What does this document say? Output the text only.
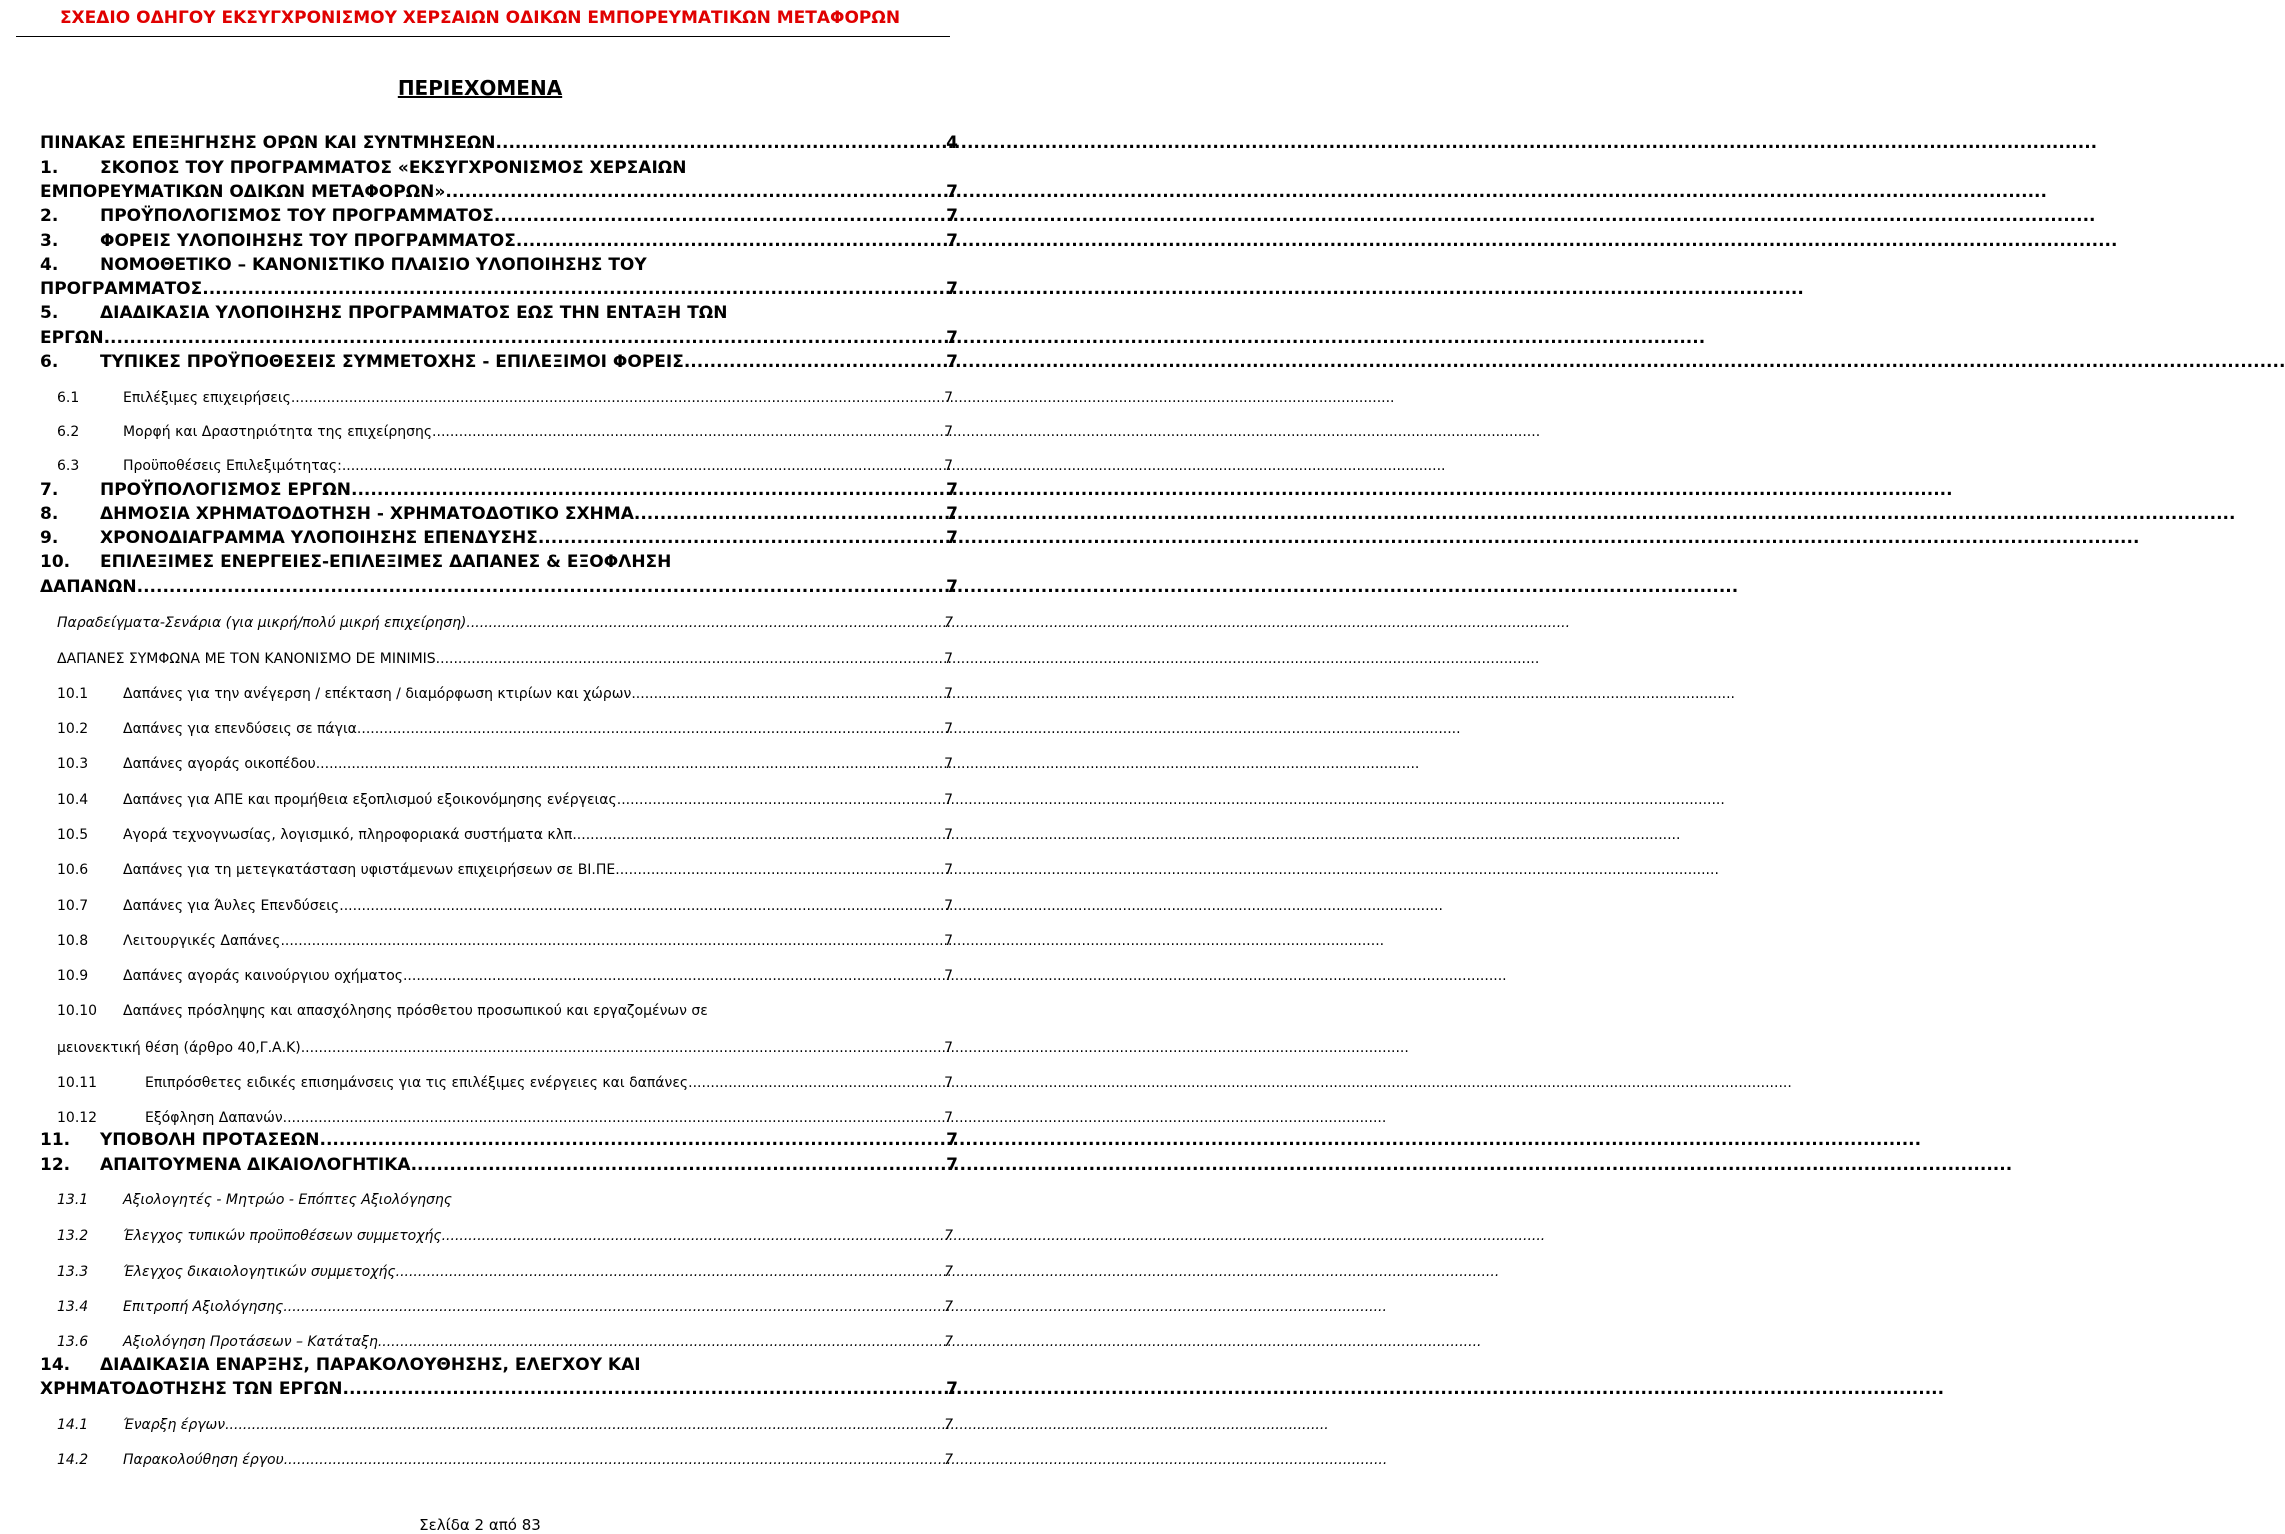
ΣΧΕΔΙΟ ΟΔΗΓΟΥ ΕΚΣΥΓΧΡΟΝΙΣΜΟΥ ΧΕΡΣΑΙΩΝ ΟΔΙΚΩΝ ΕΜΠΟΡΕΥΜΑΤΙΚΩΝ ΜΕΤΑΦΟΡΩΝ
ΠΕΡΙΕΧΟΜΕΝΑ
ΠΙΝΑΚΑΣ ΕΠΕΞΗΓΗΣΗΣ ΟΡΩΝ ΚΑΙ ΣΥΝΤΜΗΣΕΩΝ .....	4
1.	ΣΚΟΠΟΣ ΤΟΥ ΠΡΟΓΡΑΜΜΑΤΟΣ «ΕΚΣΥΓΧΡΟΝΙΣΜΟΣ ΧΕΡΣΑΙΩΝ
ΕΜΠΟΡΕΥΜΑΤΙΚΩΝ ΟΔΙΚΩΝ ΜΕΤΑΦΟΡΩΝ» .....	7
2.	ΠΡΟΫΠΟΛΟΓΙΣΜΟΣ ΤΟΥ ΠΡΟΓΡΑΜΜΑΤΟΣ .....	7
3.	ΦΟΡΕΙΣ ΥΛΟΠΟΙΗΣΗΣ ΤΟΥ ΠΡΟΓΡΑΜΜΑΤΟΣ .....	7
4.	ΝΟΜΟΘΕΤΙΚΟ – ΚΑΝΟΝΙΣΤΙΚΟ ΠΛΑΙΣΙΟ ΥΛΟΠΟΙΗΣΗΣ ΤΟΥ
ΠΡΟΓΡΑΜΜΑΤΟΣ .....	7
5.	ΔΙΑΔΙΚΑΣΙΑ ΥΛΟΠΟΙΗΣΗΣ ΠΡΟΓΡΑΜΜΑΤΟΣ ΕΩΣ ΤΗΝ ΕΝΤΑΞΗ ΤΩΝ
ΕΡΓΩΝ .....	7
6.	ΤΥΠΙΚΕΣ ΠΡΟΫΠΟΘΕΣΕΙΣ ΣΥΜΜΕΤΟΧΗΣ - ΕΠΙΛΕΞΙΜΟΙ ΦΟΡΕΙΣ .....	7
6.1	Επιλέξιμες επιχειρήσεις .....	7
6.2	Μορφή και Δραστηριότητα της επιχείρησης. .....	7
6.3	Προϋποθέσεις Επιλεξιμότητας: .....	7
7.	ΠΡΟΫΠΟΛΟΓΙΣΜΟΣ ΕΡΓΩΝ .....	7
8.	ΔΗΜΟΣΙΑ ΧΡΗΜΑΤΟΔΟΤΗΣΗ - ΧΡΗΜΑΤΟΔΟΤΙΚΟ ΣΧΗΜΑ .....	7
9.	ΧΡΟΝΟΔΙΑΓΡΑΜΜΑ ΥΛΟΠΟΙΗΣΗΣ ΕΠΕΝΔΥΣΗΣ .....	7
10.	ΕΠΙΛΕΞΙΜΕΣ ΕΝΕΡΓΕΙΕΣ-ΕΠΙΛΕΞΙΜΕΣ ΔΑΠΑΝΕΣ & ΕΞΟΦΛΗΣΗ
ΔΑΠΑΝΩΝ .....	7
Παραδείγματα-Σενάρια (για μικρή/πολύ μικρή επιχείρηση) .....	7
ΔΑΠΑΝΕΣ ΣΥΜΦΩΝΑ ΜΕ ΤΟΝ ΚΑΝΟΝΙΣΜΟ DE MINIMIS .....	7
10.1	Δαπάνες για την ανέγερση / επέκταση / διαμόρφωση κτιρίων και χώρων .....	7
10.2	Δαπάνες για επενδύσεις σε πάγια .....	7
10.3	Δαπάνες αγοράς οικοπέδου .....	7
10.4	Δαπάνες για ΑΠΕ και προμήθεια εξοπλισμού εξοικονόμησης ενέργειας. .....	7
10.5	Αγορά τεχνογνωσίας, λογισμικό, πληροφοριακά συστήματα κλπ. .....	7
10.6	Δαπάνες για τη μετεγκατάσταση υφιστάμενων επιχειρήσεων σε ΒΙ.ΠΕ .....	7
10.7	Δαπάνες για Άυλες Επενδύσεις .....	7
10.8	Λειτουργικές Δαπάνες .....	7
10.9	Δαπάνες αγοράς καινούργιου οχήματος .....	7
10.10	Δαπάνες πρόσληψης και απασχόλησης πρόσθετου προσωπικού και εργαζομένων σε
μειονεκτική θέση (άρθρο 40,Γ.Α.Κ). .....	7
10.11	Επιπρόσθετες ειδικές επισημάνσεις για τις επιλέξιμες ενέργειες και δαπάνες .....	7
10.12	Εξόφληση Δαπανών .....	7
11.	ΥΠΟΒΟΛΗ ΠΡΟΤΑΣΕΩΝ .....	7
12.	ΑΠΑΙΤΟΥΜΕΝΑ ΔΙΚΑΙΟΛΟΓΗΤΙΚΑ .....	7
13.1	Αξιολογητές - Μητρώο - Επόπτες Αξιολόγησης
13.2	Έλεγχος τυπικών προϋποθέσεων συμμετοχής .....	7
13.3	Έλεγχος δικαιολογητικών συμμετοχής .....	7
13.4	Επιτροπή Αξιολόγησης .....	7
13.6	Αξιολόγηση Προτάσεων – Κατάταξη .....	7
14.	ΔΙΑΔΙΚΑΣΙΑ ΕΝΑΡΞΗΣ, ΠΑΡΑΚΟΛΟΥΘΗΣΗΣ, ΕΛΕΓΧΟΥ ΚΑΙ
ΧΡΗΜΑΤΟΔΟΤΗΣΗΣ ΤΩΝ ΕΡΓΩΝ .....	7
14.1	Έναρξη έργων .....	7
14.2	Παρακολούθηση έργου .....	7
Σελίδα 2 από 83
